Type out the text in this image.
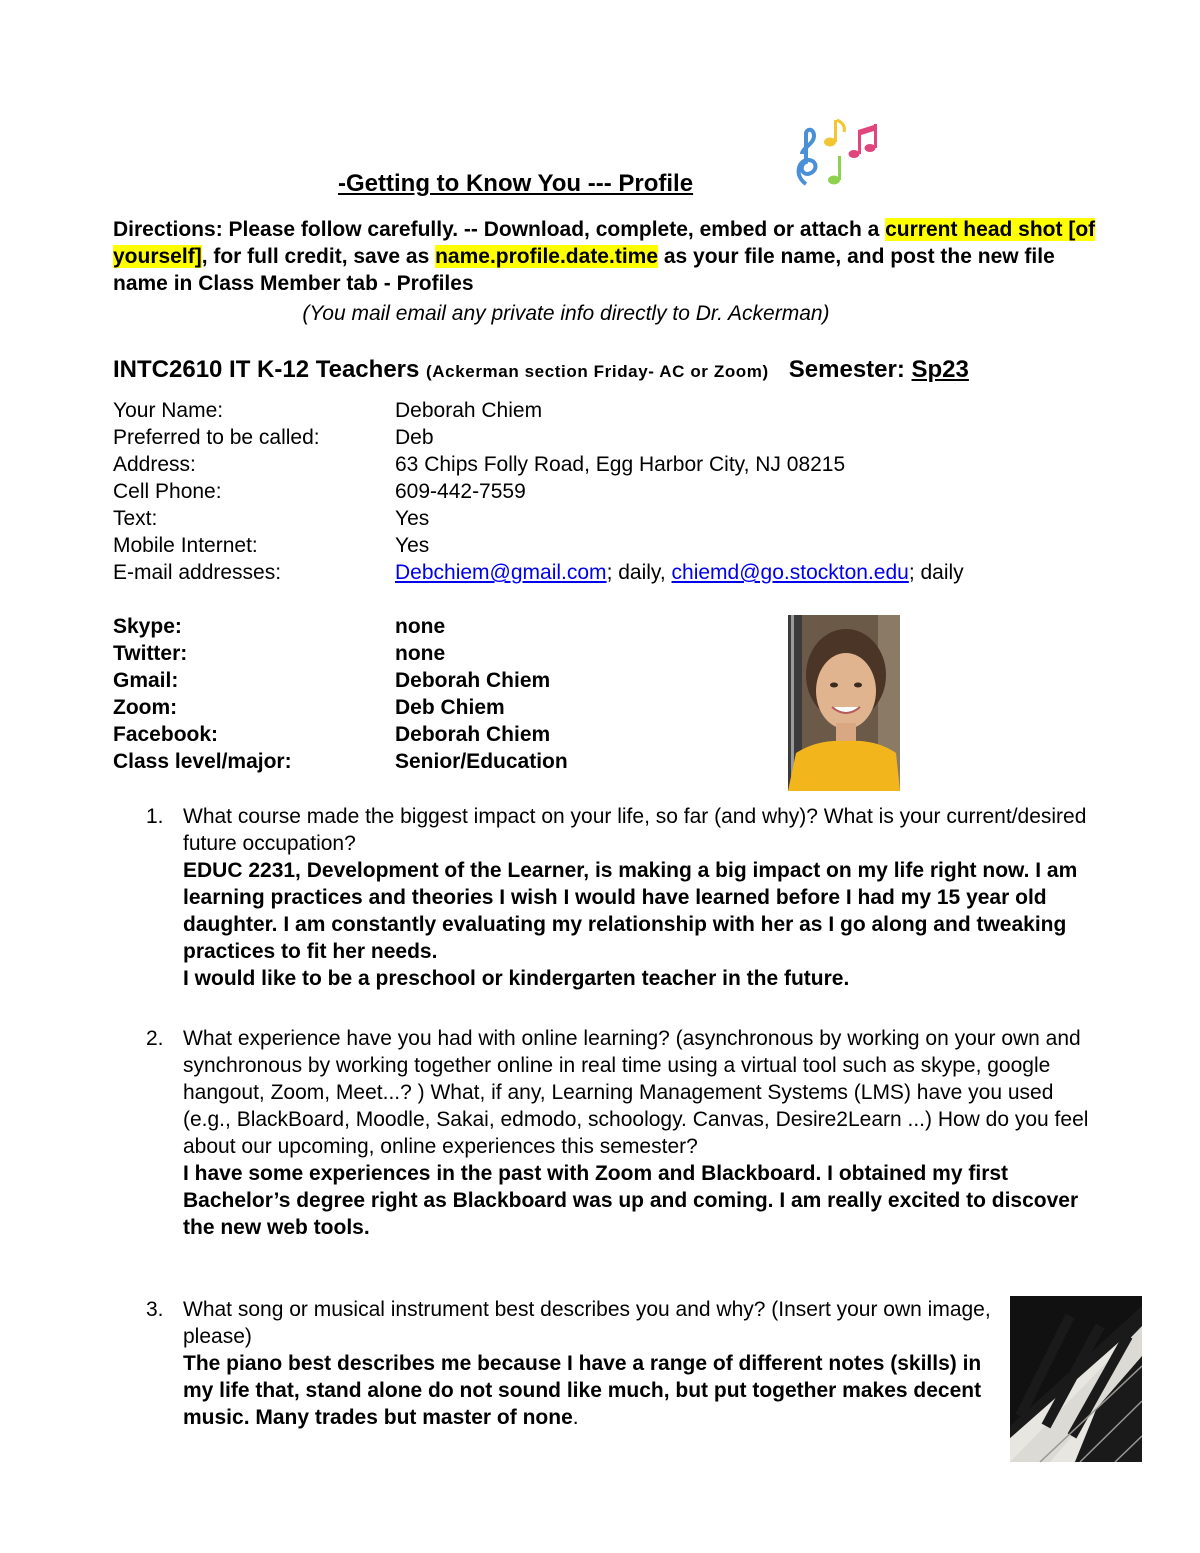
-Getting to Know You --- Profile
Directions: Please follow carefully. -- Download, complete, embed or attach a current head shot [of yourself], for full credit, save as name.profile.date.time as your file name, and post the new file name in Class Member tab - Profiles
(You mail email any private info directly to Dr. Ackerman)
INTC2610 IT K-12 Teachers (Ackerman section Friday- AC or Zoom) Semester: Sp23
Your Name:	Deborah Chiem
Preferred to be called:	Deb
Address:	63 Chips Folly Road, Egg Harbor City, NJ 08215
Cell Phone:	609-442-7559
Text:	Yes
Mobile Internet:	Yes
E-mail addresses:	Debchiem@gmail.com; daily, chiemd@go.stockton.edu; daily
Skype:	none
Twitter:	none
Gmail:	Deborah Chiem
Zoom:	Deb Chiem
Facebook:	Deborah Chiem
Class level/major:	Senior/Education
1. What course made the biggest impact on your life, so far (and why)? What is your current/desired future occupation?
EDUC 2231, Development of the Learner, is making a big impact on my life right now. I am learning practices and theories I wish I would have learned before I had my 15 year old daughter. I am constantly evaluating my relationship with her as I go along and tweaking practices to fit her needs.
I would like to be a preschool or kindergarten teacher in the future.
2. What experience have you had with online learning? (asynchronous by working on your own and synchronous by working together online in real time using a virtual tool such as skype, google hangout, Zoom, Meet...? ) What, if any, Learning Management Systems (LMS) have you used (e.g., BlackBoard, Moodle, Sakai, edmodo, schoology. Canvas, Desire2Learn ...) How do you feel about our upcoming, online experiences this semester?
I have some experiences in the past with Zoom and Blackboard. I obtained my first Bachelor’s degree right as Blackboard was up and coming. I am really excited to discover the new web tools.
3. What song or musical instrument best describes you and why? (Insert your own image, please)
The piano best describes me because I have a range of different notes (skills) in my life that, stand alone do not sound like much, but put together makes decent music. Many trades but master of none.
